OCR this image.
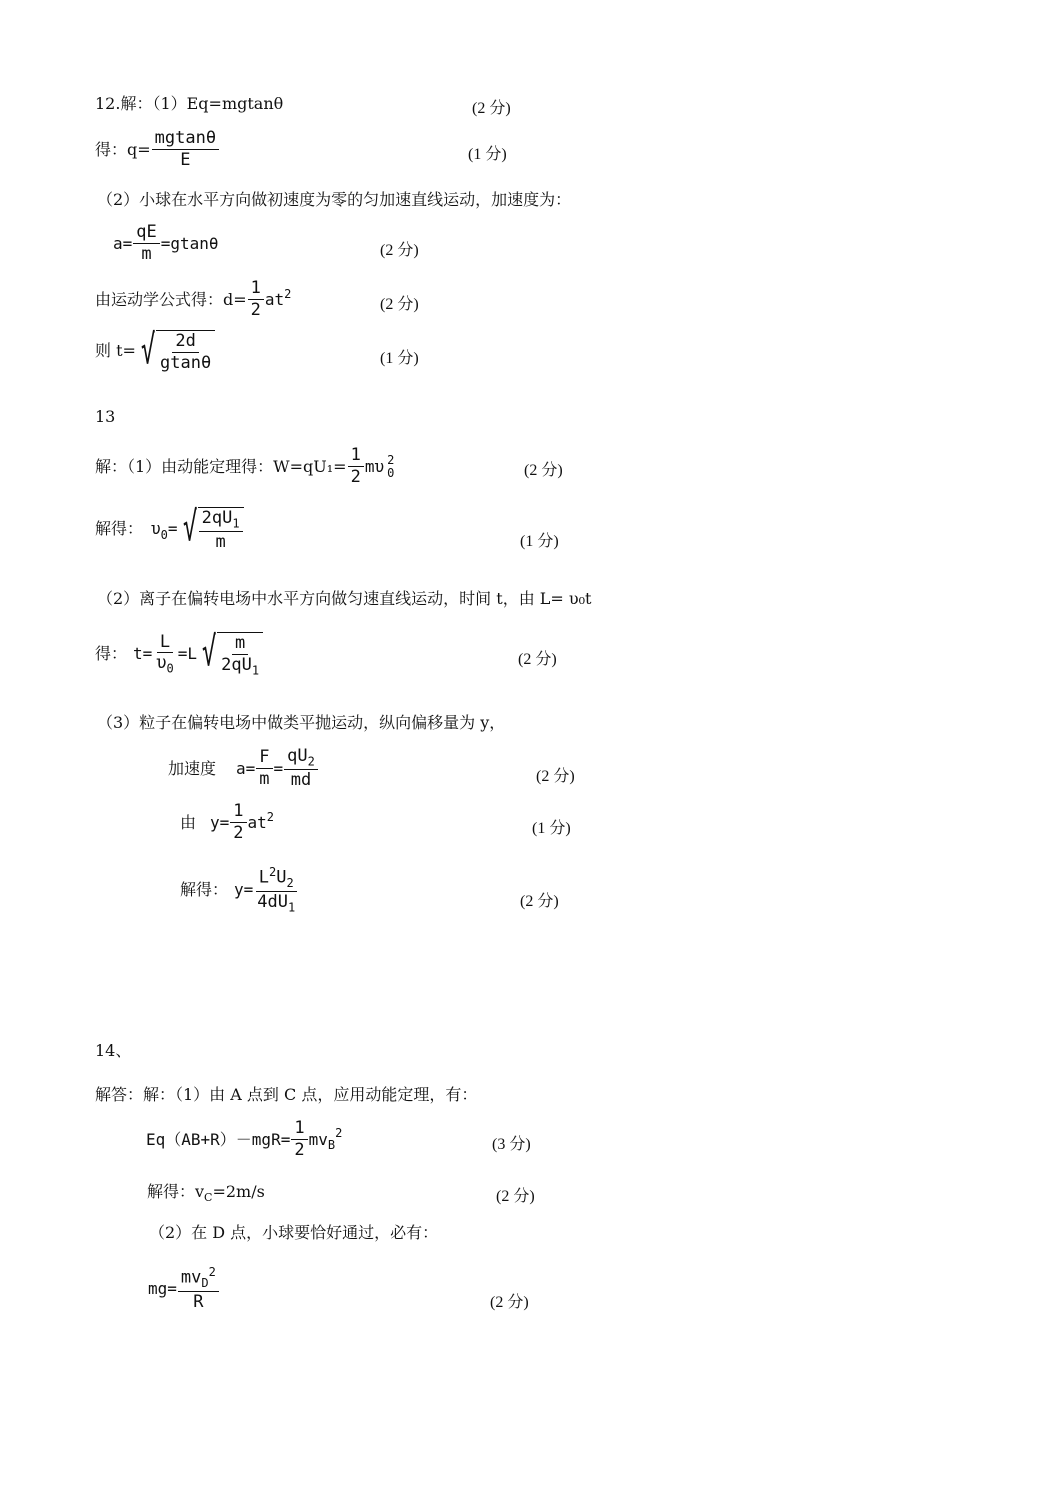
12.解：（1）Eq=mgtanθ	(2 分)
得：$q= \frac{mgtan\theta}{E}$	(1 分)
（2）小球在水平方向做初速度为零的匀加速直线运动，加速度为：
$a= \frac{qE}{m} =gtan\theta$	(2 分)
由运动学公式得：$d= \frac{1}{2} at^2$
(2 分)
则 t= √ $\frac{2d}{gtan\theta}$	(1 分)
13
解：（1）由动能定理得：$W=qU_1= \frac{1}{2}$ mυ 2
0	(2 分)
解得： $\upsilon_0$ = √ $\frac{2qU_1}{m}$	(1 分)
（2）离子在偏转电场中水平方向做匀速直线运动，时间 t，由 L= υ₀t
得： $t= \frac{L}{\upsilon_0} =L$ √ $\frac{m}{2qU_1}$	(2 分)
（3）粒子在偏转电场中做类平抛运动，纵向偏移量为 y，
加速度 $a= \frac{F}{m} = \frac{qU_2}{md}$	(2 分)
由 $y= \frac{1}{2} at^2$
(1 分)
解得： $y= \frac{L^2U_2}{4dU_1}$	(2 分)
14、
解答：解：（1）由 A 点到 C 点，应用动能定理，有：
$Eq(AB+R)-mgR= \frac{1}{2} mv_B$
2
(3 分)
解得：$v_C=2m/s$	(2 分)
（2）在 D 点，小球要恰好通过，必有：
$mg= \frac{mv_D^2}{R}$	(2 分)
